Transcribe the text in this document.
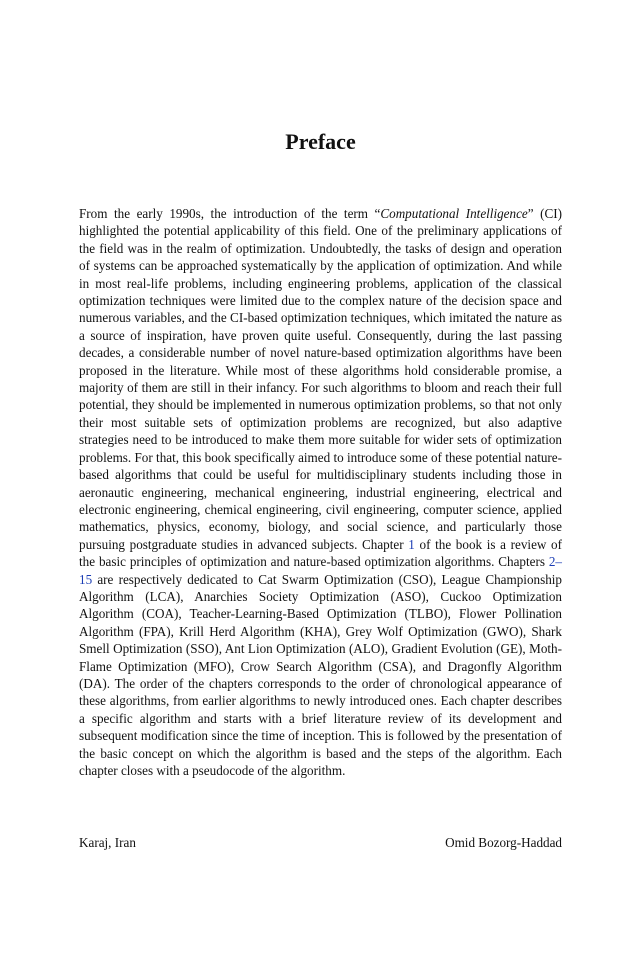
Preface

From the early 1990s, the introduction of the term “Computational Intelligence” (CI) highlighted the potential applicability of this field. One of the preliminary applications of the field was in the realm of optimization. Undoubtedly, the tasks of design and operation of systems can be approached systematically by the application of optimization. And while in most real-life problems, including engineering problems, application of the classical optimization techniques were limited due to the complex nature of the decision space and numerous variables, and the CI-based optimization techniques, which imitated the nature as a source of inspiration, have proven quite useful. Consequently, during the last passing decades, a considerable number of novel nature-based optimization algorithms have been proposed in the literature. While most of these algorithms hold considerable promise, a majority of them are still in their infancy. For such algorithms to bloom and reach their full potential, they should be implemented in numerous optimization problems, so that not only their most suitable sets of optimization problems are recognized, but also adaptive strategies need to be introduced to make them more suitable for wider sets of optimization problems. For that, this book specifically aimed to introduce some of these potential nature-based algorithms that could be useful for multidisciplinary students including those in aeronautic engineering, mechanical engineering, industrial engineering, electrical and electronic engineering, chemical engineering, civil engineering, computer science, applied mathematics, physics, economy, biology, and social science, and particularly those pursuing postgraduate studies in advanced subjects. Chapter 1 of the book is a review of the basic principles of optimization and nature-based optimization algorithms. Chapters 2–15 are respectively dedicated to Cat Swarm Optimization (CSO), League Championship Algorithm (LCA), Anarchies Society Optimization (ASO), Cuckoo Optimization Algorithm (COA), Teacher-Learning-Based Optimization (TLBO), Flower Pollination Algorithm (FPA), Krill Herd Algorithm (KHA), Grey Wolf Optimization (GWO), Shark Smell Optimization (SSO), Ant Lion Optimization (ALO), Gradient Evolution (GE), Moth-Flame Optimization (MFO), Crow Search Algorithm (CSA), and Dragonfly Algorithm (DA). The order of the chapters corresponds to the order of chronological appearance of these algorithms, from earlier algorithms to newly introduced ones. Each chapter describes a specific algorithm and starts with a brief literature review of its development and subsequent modification since the time of inception. This is followed by the presentation of the basic concept on which the algorithm is based and the steps of the algorithm. Each chapter closes with a pseudocode of the algorithm.

Karaj, Iran	Omid Bozorg-Haddad
